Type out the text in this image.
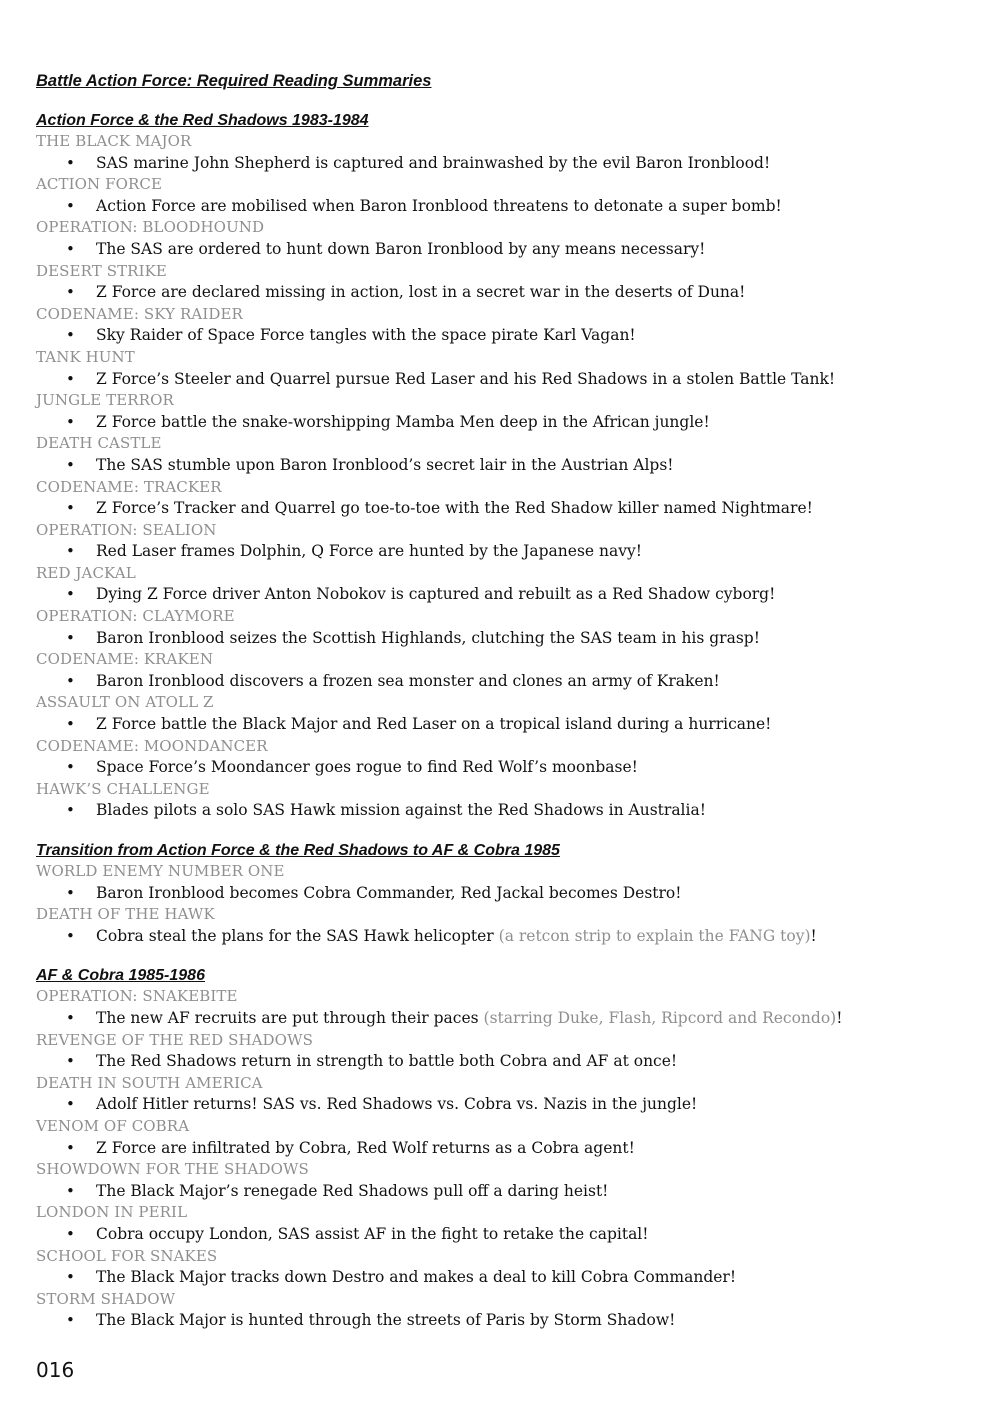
Battle Action Force: Required Reading Summaries
Action Force & the Red Shadows 1983-1984
THE BLACK MAJOR
• SAS marine John Shepherd is captured and brainwashed by the evil Baron Ironblood!
ACTION FORCE
• Action Force are mobilised when Baron Ironblood threatens to detonate a super bomb!
OPERATION: BLOODHOUND
• The SAS are ordered to hunt down Baron Ironblood by any means necessary!
DESERT STRIKE
• Z Force are declared missing in action, lost in a secret war in the deserts of Duna!
CODENAME: SKY RAIDER
• Sky Raider of Space Force tangles with the space pirate Karl Vagan!
TANK HUNT
• Z Force’s Steeler and Quarrel pursue Red Laser and his Red Shadows in a stolen Battle Tank!
JUNGLE TERROR
• Z Force battle the snake-worshipping Mamba Men deep in the African jungle!
DEATH CASTLE
• The SAS stumble upon Baron Ironblood’s secret lair in the Austrian Alps!
CODENAME: TRACKER
• Z Force’s Tracker and Quarrel go toe-to-toe with the Red Shadow killer named Nightmare!
OPERATION: SEALION
• Red Laser frames Dolphin, Q Force are hunted by the Japanese navy!
RED JACKAL
• Dying Z Force driver Anton Nobokov is captured and rebuilt as a Red Shadow cyborg!
OPERATION: CLAYMORE
• Baron Ironblood seizes the Scottish Highlands, clutching the SAS team in his grasp!
CODENAME: KRAKEN
• Baron Ironblood discovers a frozen sea monster and clones an army of Kraken!
ASSAULT ON ATOLL Z
• Z Force battle the Black Major and Red Laser on a tropical island during a hurricane!
CODENAME: MOONDANCER
• Space Force’s Moondancer goes rogue to find Red Wolf’s moonbase!
HAWK’S CHALLENGE
• Blades pilots a solo SAS Hawk mission against the Red Shadows in Australia!
Transition from Action Force & the Red Shadows to AF & Cobra 1985
WORLD ENEMY NUMBER ONE
• Baron Ironblood becomes Cobra Commander, Red Jackal becomes Destro!
DEATH OF THE HAWK
• Cobra steal the plans for the SAS Hawk helicopter (a retcon strip to explain the FANG toy)!
AF & Cobra 1985-1986
OPERATION: SNAKEBITE
• The new AF recruits are put through their paces (starring Duke, Flash, Ripcord and Recondo)!
REVENGE OF THE RED SHADOWS
• The Red Shadows return in strength to battle both Cobra and AF at once!
DEATH IN SOUTH AMERICA
• Adolf Hitler returns! SAS vs. Red Shadows vs. Cobra vs. Nazis in the jungle!
VENOM OF COBRA
• Z Force are infiltrated by Cobra, Red Wolf returns as a Cobra agent!
SHOWDOWN FOR THE SHADOWS
• The Black Major’s renegade Red Shadows pull off a daring heist!
LONDON IN PERIL
• Cobra occupy London, SAS assist AF in the fight to retake the capital!
SCHOOL FOR SNAKES
• The Black Major tracks down Destro and makes a deal to kill Cobra Commander!
STORM SHADOW
• The Black Major is hunted through the streets of Paris by Storm Shadow!
016
